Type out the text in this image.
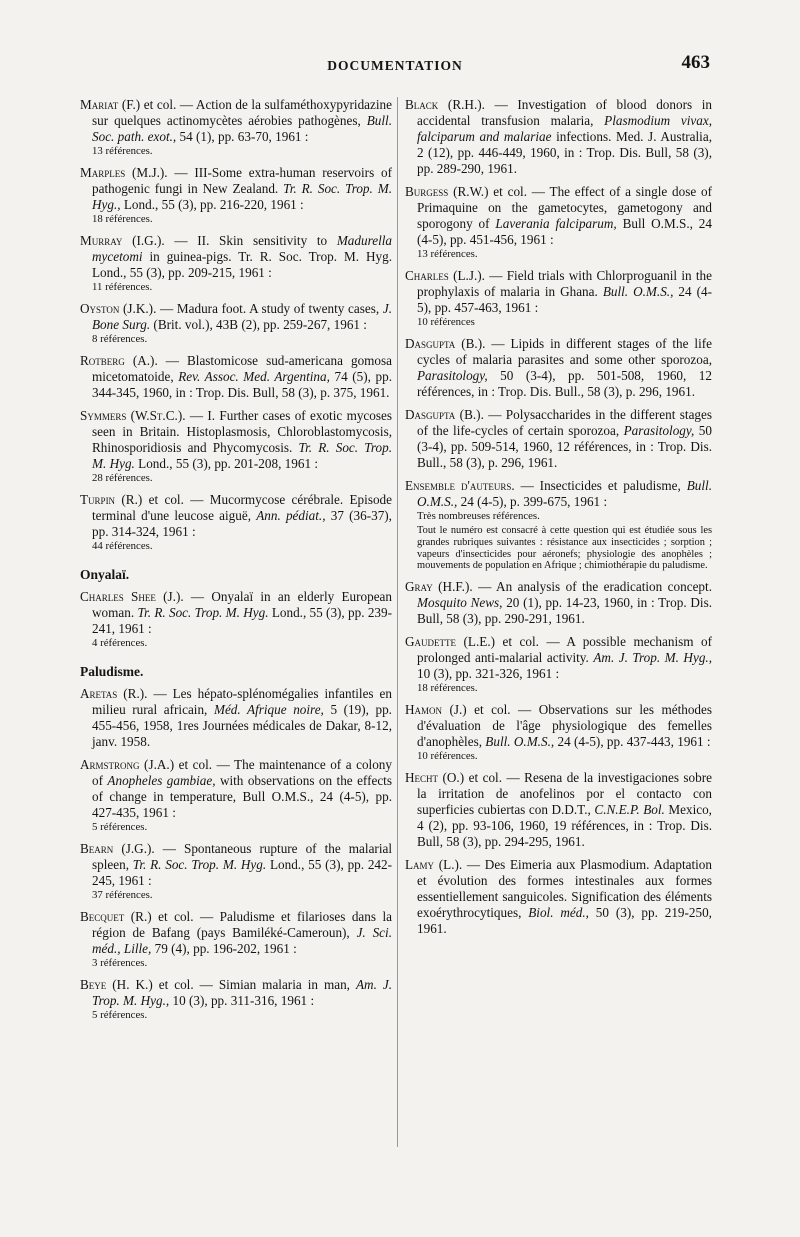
DOCUMENTATION	463
Mariat (F.) et col. — Action de la sulfaméthoxypyridazine sur quelques actinomycètes aérobies pathogènes, Bull. Soc. path. exot., 54 (1), pp. 63-70, 1961 :
13 références.
Marples (M.J.). — III-Some extra-human reservoirs of pathogenic fungi in New Zealand. Tr. R. Soc. Trop. M. Hyg., Lond., 55 (3), pp. 216-220, 1961 :
18 références.
Murray (I.G.). — II. Skin sensitivity to Madurella mycetomi in guinea-pigs. Tr. R. Soc. Trop. M. Hyg. Lond., 55 (3), pp. 209-215, 1961 :
11 références.
Oyston (J.K.). — Madura foot. A study of twenty cases, J. Bone Surg. (Brit. vol.), 43B (2), pp. 259-267, 1961 :
8 références.
Rotberg (A.). — Blastomicose sud-americana gomosa micetomatoide, Rev. Assoc. Med. Argentina, 74 (5), pp. 344-345, 1960, in : Trop. Dis. Bull, 58 (3), p. 375, 1961.
Symmers (W.St.C.). — I. Further cases of exotic mycoses seen in Britain. Histoplasmosis, Chloroblastomycosis, Rhinosporidiosis and Phycomycosis. Tr. R. Soc. Trop. M. Hyg. Lond., 55 (3), pp. 201-208, 1961 :
28 références.
Turpin (R.) et col. — Mucormycose cérébrale. Episode terminal d'une leucose aiguë, Ann. pédiat., 37 (36-37), pp. 314-324, 1961 :
44 références.
Onyalaï.
Charles Shee (J.). — Onyalaï in an elderly European woman. Tr. R. Soc. Trop. M. Hyg. Lond., 55 (3), pp. 239-241, 1961 :
4 références.
Paludisme.
Aretas (R.). — Les hépato-splénomégalies infantiles en milieu rural africain, Méd. Afrique noire, 5 (19), pp. 455-456, 1958, 1res Journées médicales de Dakar, 8-12, janv. 1958.
Armstrong (J.A.) et col. — The maintenance of a colony of Anopheles gambiae, with observations on the effects of change in temperature, Bull O.M.S., 24 (4-5), pp. 427-435, 1961 :
5 références.
Bearn (J.G.). — Spontaneous rupture of the malarial spleen, Tr. R. Soc. Trop. M. Hyg. Lond., 55 (3), pp. 242-245, 1961 :
37 références.
Becquet (R.) et col. — Paludisme et filarioses dans la région de Bafang (pays Bamiléké-Cameroun), J. Sci. méd., Lille, 79 (4), pp. 196-202, 1961 :
3 références.
Beye (H. K.) et col. — Simian malaria in man, Am. J. Trop. M. Hyg., 10 (3), pp. 311-316, 1961 :
5 références.
Black (R.H.). — Investigation of blood donors in accidental transfusion malaria, Plasmodium vivax, falciparum and malariae infections. Med. J. Australia, 2 (12), pp. 446-449, 1960, in : Trop. Dis. Bull, 58 (3), pp. 289-290, 1961.
Burgess (R.W.) et col. — The effect of a single dose of Primaquine on the gametocytes, gametogony and sporogony of Laverania falciparum, Bull O.M.S., 24 (4-5), pp. 451-456, 1961 :
13 références.
Charles (L.J.). — Field trials with Chlorproguanil in the prophylaxis of malaria in Ghana. Bull. O.M.S., 24 (4-5), pp. 457-463, 1961 :
10 références
Dasgupta (B.). — Lipids in different stages of the life cycles of malaria parasites and some other sporozoa, Parasitology, 50 (3-4), pp. 501-508, 1960, 12 références, in : Trop. Dis. Bull., 58 (3), p. 296, 1961.
Dasgupta (B.). — Polysaccharides in the different stages of the life-cycles of certain sporozoa, Parasitology, 50 (3-4), pp. 509-514, 1960, 12 références, in : Trop. Dis. Bull., 58 (3), p. 296, 1961.
Ensemble d'auteurs. — Insecticides et paludisme, Bull. O.M.S., 24 (4-5), p. 399-675, 1961 :
Très nombreuses références.
Tout le numéro est consacré à cette question qui est étudiée sous les grandes rubriques suivantes : résistance aux insecticides ; sorption ; vapeurs d'insecticides pour aéronefs; physiologie des anophèles ; mouvements de population en Afrique ; chimiothérapie du paludisme.
Gray (H.F.). — An analysis of the eradication concept. Mosquito News, 20 (1), pp. 14-23, 1960, in : Trop. Dis. Bull, 58 (3), pp. 290-291, 1961.
Gaudette (L.E.) et col. — A possible mechanism of prolonged anti-malarial activity. Am. J. Trop. M. Hyg., 10 (3), pp. 321-326, 1961 :
18 références.
Hamon (J.) et col. — Observations sur les méthodes d'évaluation de l'âge physiologique des femelles d'anophèles, Bull. O.M.S., 24 (4-5), pp. 437-443, 1961 :
10 références.
Hecht (O.) et col. — Resena de la investigaciones sobre la irritation de anofelinos por el contacto con superficies cubiertas con D.D.T., C.N.E.P. Bol. Mexico, 4 (2), pp. 93-106, 1960, 19 références, in : Trop. Dis. Bull, 58 (3), pp. 294-295, 1961.
Lamy (L.). — Des Eimeria aux Plasmodium. Adaptation et évolution des formes intestinales aux formes essentiellement sanguicoles. Signification des éléments exoérythrocytiques, Biol. méd., 50 (3), pp. 219-250, 1961.
